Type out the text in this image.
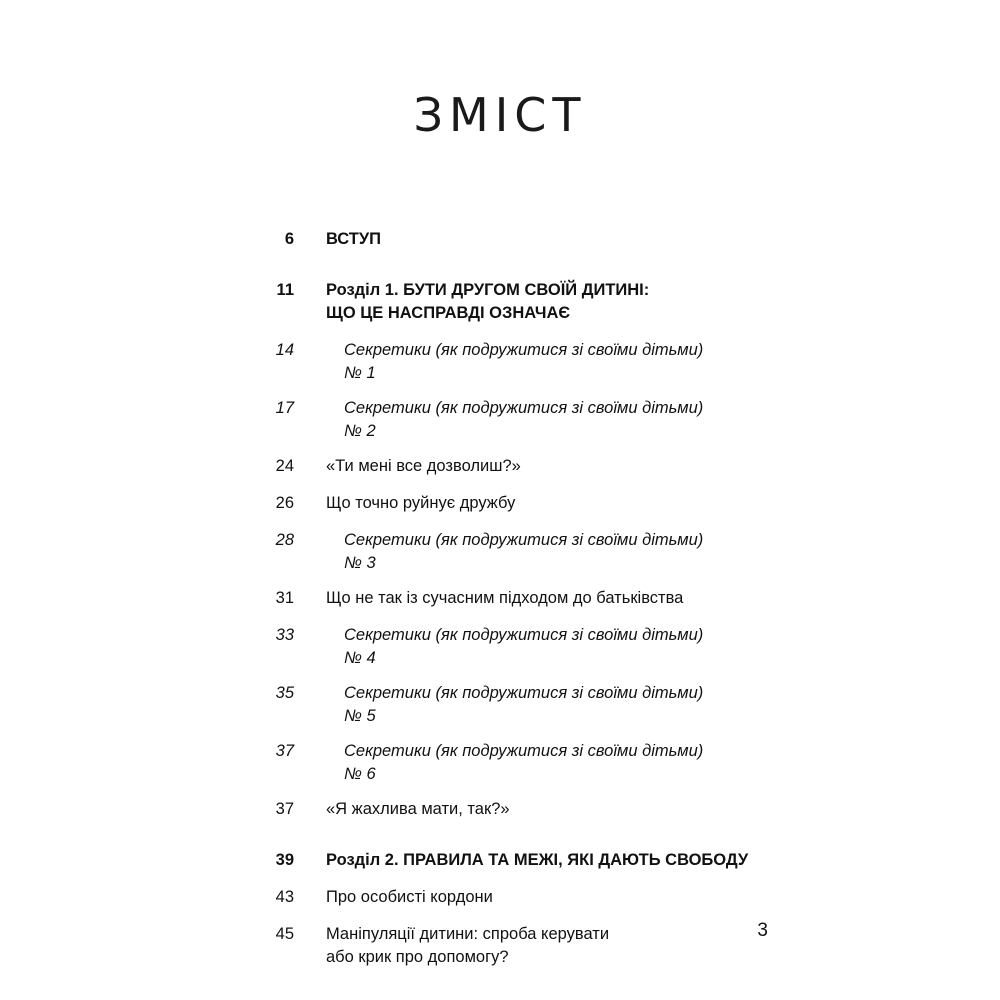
ЗМІСТ
6	ВСТУП
11	Розділ 1. БУТИ ДРУГОМ СВОЇЙ ДИТИНІ:
ЩО ЦЕ НАСПРАВДІ ОЗНАЧАЄ
14	Секретики (як подружитися зі своїми дітьми)
№ 1
17	Секретики (як подружитися зі своїми дітьми)
№ 2
24	«Ти мені все дозволиш?»
26	Що точно руйнує дружбу
28	Секретики (як подружитися зі своїми дітьми)
№ 3
31	Що не так із сучасним підходом до батьківства
33	Секретики (як подружитися зі своїми дітьми)
№ 4
35	Секретики (як подружитися зі своїми дітьми)
№ 5
37	Секретики (як подружитися зі своїми дітьми)
№ 6
37	«Я жахлива мати, так?»
39	Розділ 2. ПРАВИЛА ТА МЕЖІ, ЯКІ ДАЮТЬ СВОБОДУ
43	Про особисті кордони
45	Маніпуляції дитини: спроба керувати
або крик про допомогу?
3
